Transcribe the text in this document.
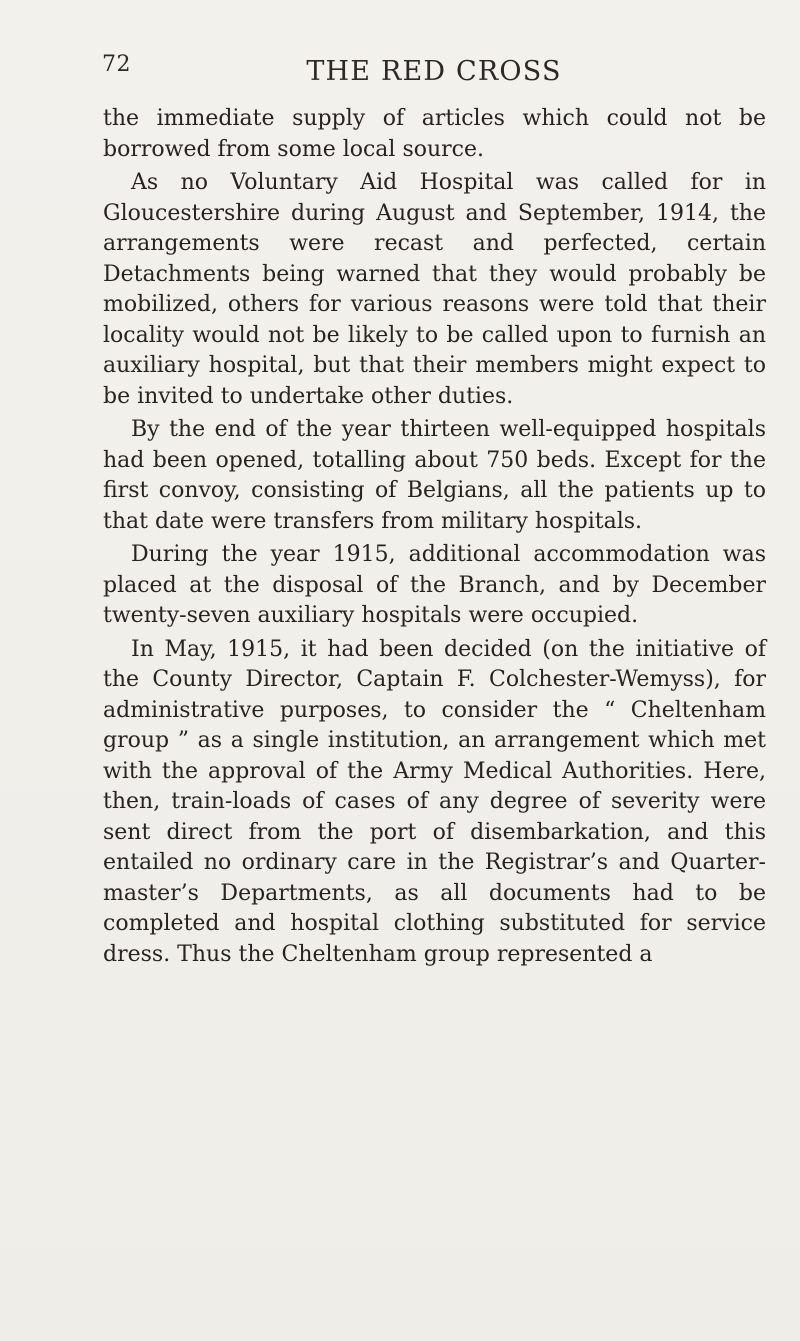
72	THE RED CROSS

the immediate supply of articles which could not be borrowed from some local source.

As no Voluntary Aid Hospital was called for in Gloucestershire during August and September, 1914, the arrangements were recast and perfected, certain Detachments being warned that they would probably be mobilized, others for various reasons were told that their locality would not be likely to be called upon to furnish an auxiliary hospital, but that their members might expect to be invited to undertake other duties.

By the end of the year thirteen well-equipped hospitals had been opened, totalling about 750 beds. Except for the first convoy, consisting of Belgians, all the patients up to that date were transfers from military hospitals.

During the year 1915, additional accommodation was placed at the disposal of the Branch, and by December twenty-seven auxiliary hospitals were occupied.

In May, 1915, it had been decided (on the initiative of the County Director, Captain F. Colchester-Wemyss), for administrative purposes, to consider the “ Cheltenham group ” as a single institution, an arrangement which met with the approval of the Army Medical Authorities. Here, then, train-loads of cases of any degree of severity were sent direct from the port of disembarkation, and this entailed no ordinary care in the Registrar’s and Quarter-master’s Departments, as all documents had to be completed and hospital clothing substituted for service dress. Thus the Cheltenham group represented a
